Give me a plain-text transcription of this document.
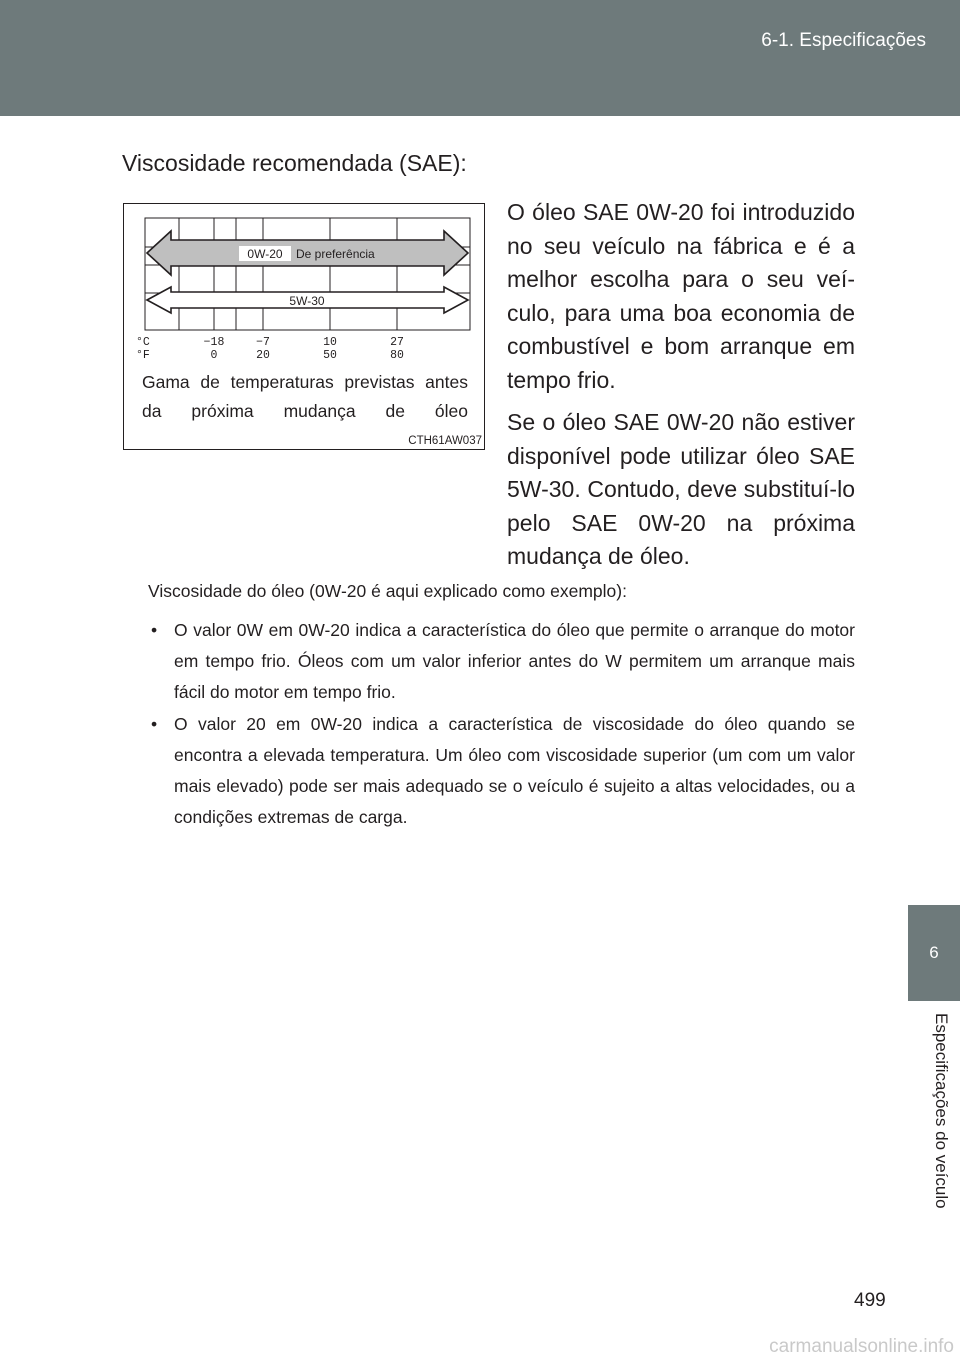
6-1. Especificações
6
Especificações do veículo
Viscosidade recomendada (SAE):
0W-20 De preferência
5W-30
°C
°F
−18	−7	10	27
0	20	50	80
Gama de temperaturas previstas antes da próxima mudança de óleo
CTH61AW037

O óleo SAE 0W-20 foi introduzido no seu veículo na fábrica e é a melhor escolha para o seu veículo, para uma boa economia de combustível e bom arranque em tempo frio.

Se o óleo SAE 0W-20 não estiver disponível pode utilizar óleo SAE 5W-30. Contudo, deve substituí-lo pelo SAE 0W-20 na próxima mudança de óleo.

Viscosidade do óleo (0W-20 é aqui explicado como exemplo):

• O valor 0W em 0W-20 indica a característica do óleo que permite o arranque do motor em tempo frio. Óleos com um valor inferior antes do W permitem um arranque mais fácil do motor em tempo frio.
• O valor 20 em 0W-20 indica a característica de viscosidade do óleo quando se encontra a elevada temperatura. Um óleo com viscosidade superior (um com um valor mais elevado) pode ser mais adequado se o veículo é sujeito a altas velocidades, ou a condições extremas de carga.
499
carmanualsonline.info
